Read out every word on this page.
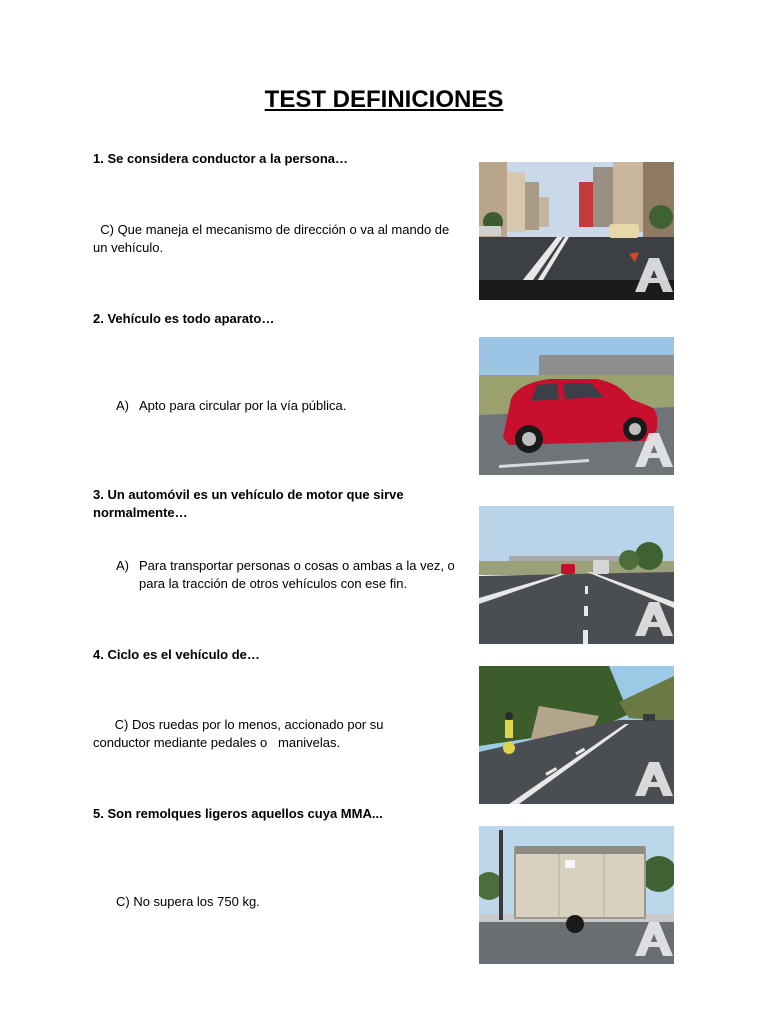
TEST DEFINICIONES
1. Se considera conductor a la persona…
C) Que maneja el mecanismo de dirección o va al mando de un vehículo.
2. Vehículo es todo aparato…
A) Apto para circular por la vía pública.
3. Un automóvil es un vehículo de motor que sirve normalmente…
A) Para transportar personas o cosas o ambas a la vez, o para la tracción de otros vehículos con ese fin.
4. Ciclo es el vehículo de…
C) Dos ruedas por lo menos, accionado por su conductor mediante pedales o   manivelas.
5. Son remolques ligeros aquellos cuya MMA...
C) No supera los 750 kg.
